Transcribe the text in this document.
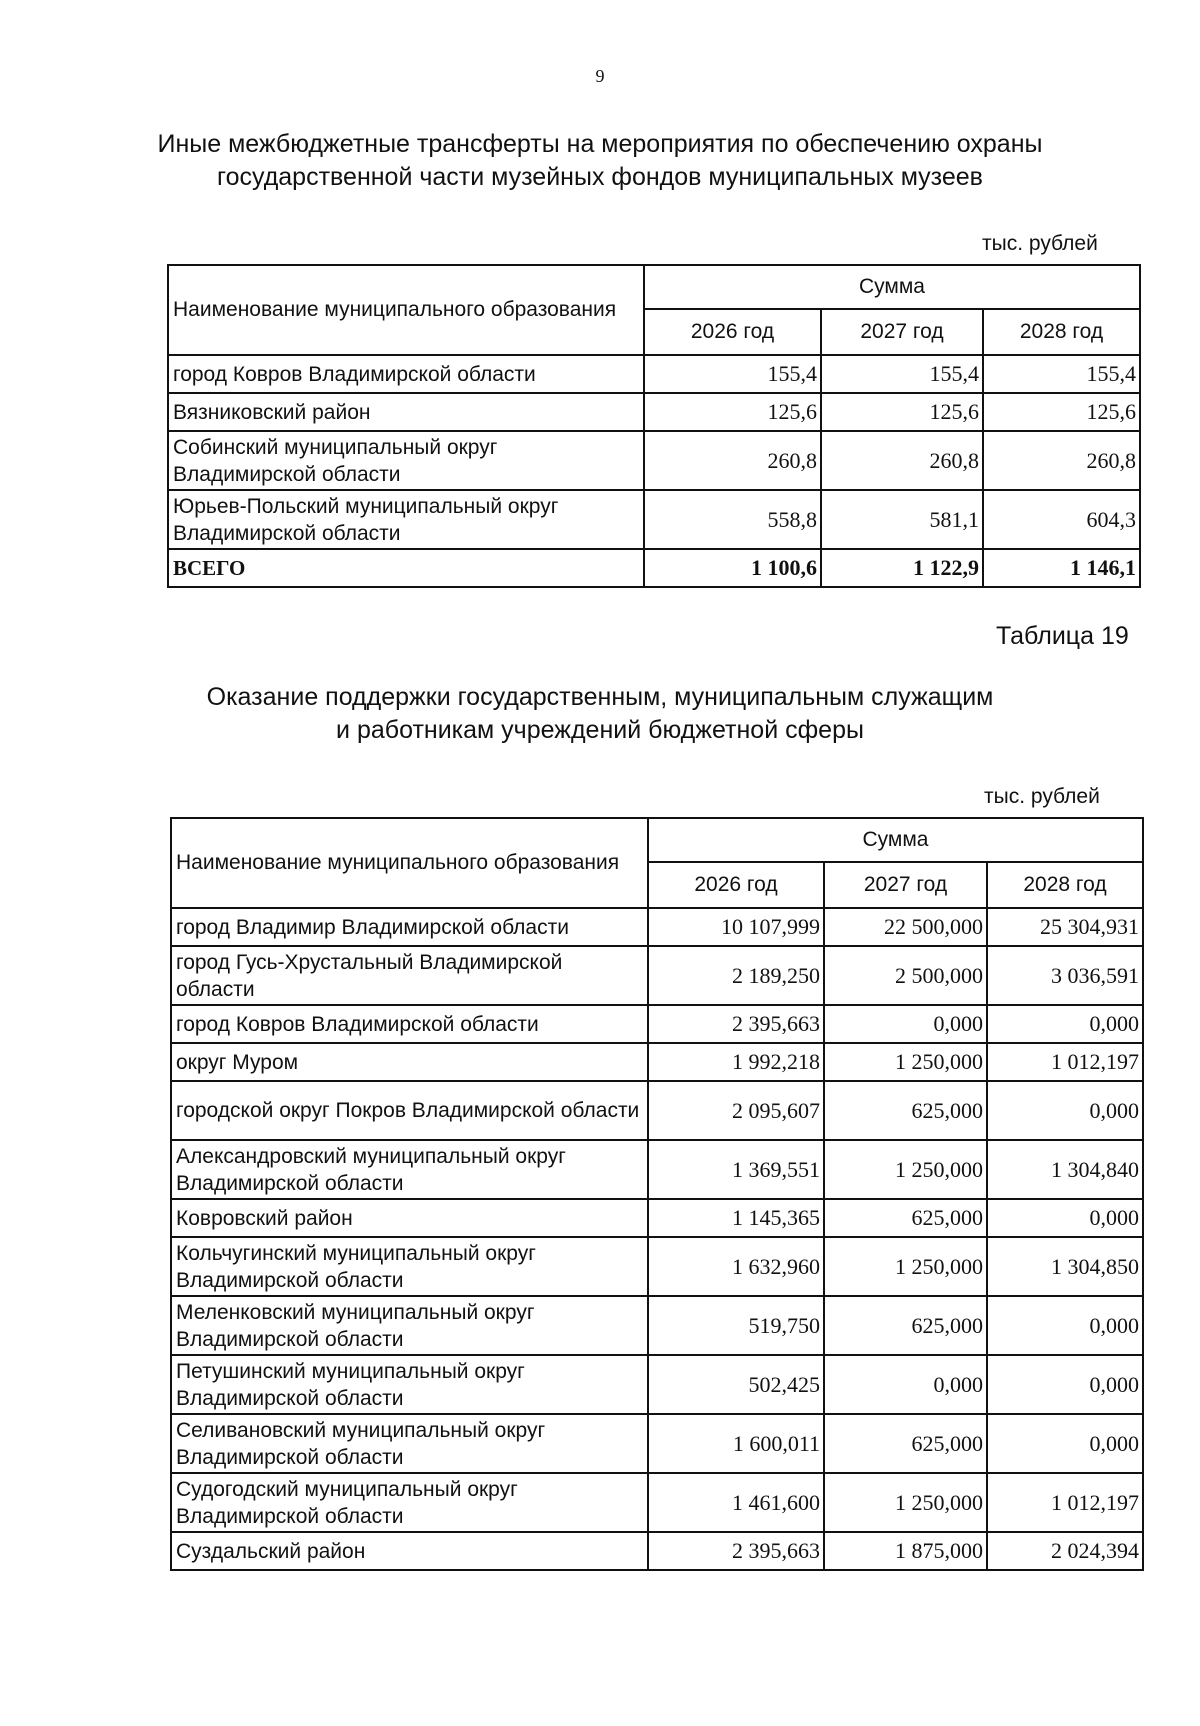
9
Иные межбюджетные трансферты на мероприятия по обеспечению охраны
государственной части музейных фондов муниципальных музеев
тыс. рублей
Наименование муниципального образования	Сумма		
	2026 год	2027 год	2028 год
город Ковров Владимирской области	155,4	155,4	155,4
Вязниковский район	125,6	125,6	125,6
Собинский муниципальный округ Владимирской области	260,8	260,8	260,8
Юрьев-Польский муниципальный округ Владимирской области	558,8	581,1	604,3
ВСЕГО	1 100,6	1 122,9	1 146,1
Таблица 19
Оказание поддержки государственным, муниципальным служащим
и работникам учреждений бюджетной сферы
тыс. рублей
Наименование муниципального образования	Сумма		
	2026 год	2027 год	2028 год
город Владимир Владимирской области	10 107,999	22 500,000	25 304,931
город Гусь-Хрустальный Владимирской области	2 189,250	2 500,000	3 036,591
город Ковров Владимирской области	2 395,663	0,000	0,000
округ Муром	1 992,218	1 250,000	1 012,197
городской округ Покров Владимирской области	2 095,607	625,000	0,000
Александровский муниципальный округ Владимирской области	1 369,551	1 250,000	1 304,840
Ковровский район	1 145,365	625,000	0,000
Кольчугинский муниципальный округ Владимирской области	1 632,960	1 250,000	1 304,850
Меленковский муниципальный округ Владимирской области	519,750	625,000	0,000
Петушинский муниципальный округ Владимирской области	502,425	0,000	0,000
Селивановский муниципальный округ Владимирской области	1 600,011	625,000	0,000
Судогодский муниципальный округ Владимирской области	1 461,600	1 250,000	1 012,197
Суздальский район	2 395,663	1 875,000	2 024,394
